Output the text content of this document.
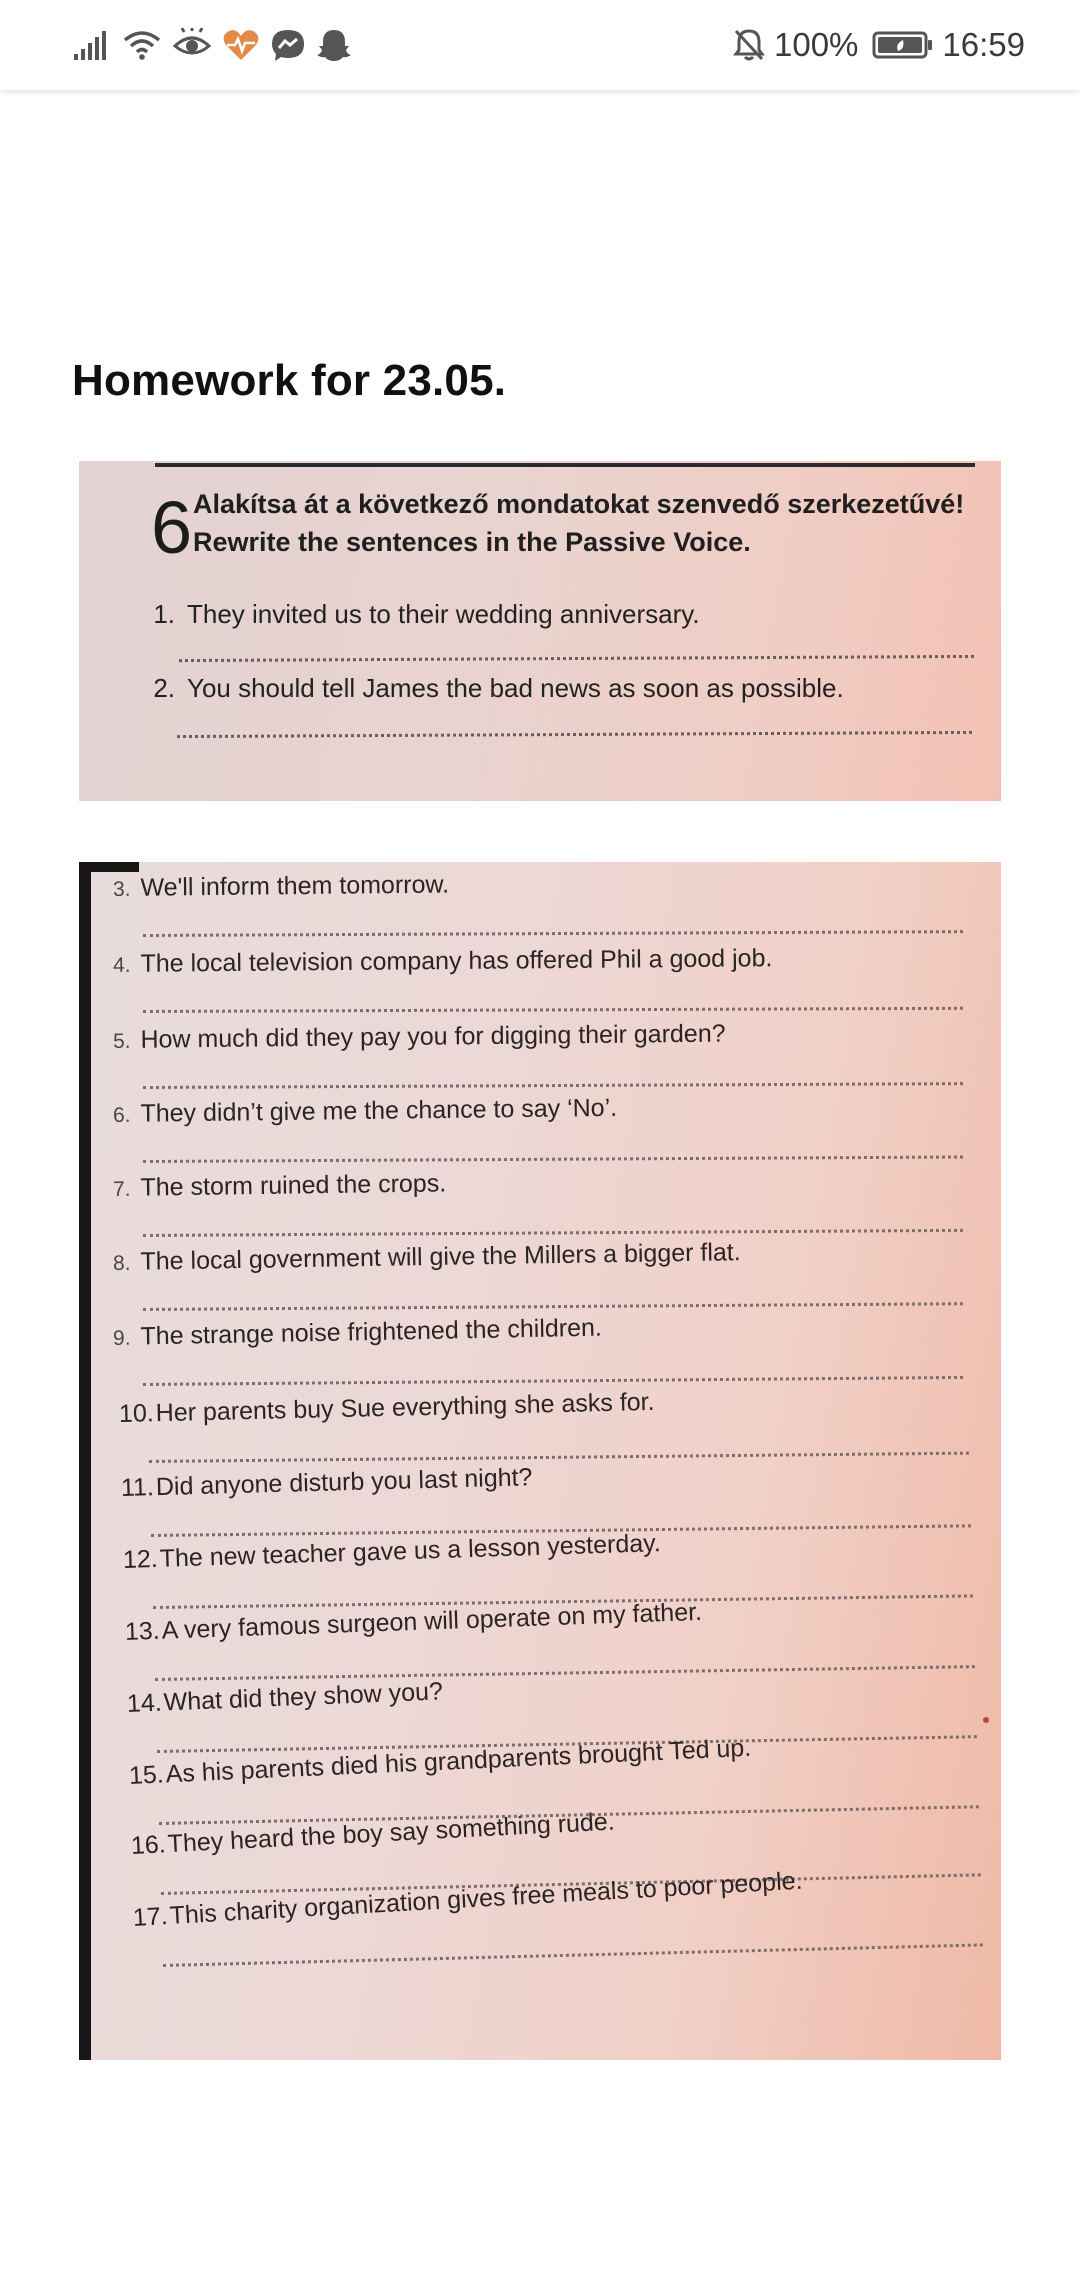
100%	16:59
Homework for 23.05.
6 Alakítsa át a következő mondatokat szenvedő szerkezetűvé!
Rewrite the sentences in the Passive Voice.
1. They invited us to their wedding anniversary.
2. You should tell James the bad news as soon as possible.
3. We'll inform them tomorrow.
4. The local television company has offered Phil a good job.
5. How much did they pay you for digging their garden?
6. They didn’t give me the chance to say ‘No’.
7. The storm ruined the crops.
8. The local government will give the Millers a bigger flat.
9. The strange noise frightened the children.
10.Her parents buy Sue everything she asks for.
11.Did anyone disturb you last night?
12.The new teacher gave us a lesson yesterday.
13.A very famous surgeon will operate on my father.
14.What did they show you?
15.As his parents died his grandparents brought Ted up.
16.They heard the boy say something rude.
17.This charity organization gives free meals to poor people.
